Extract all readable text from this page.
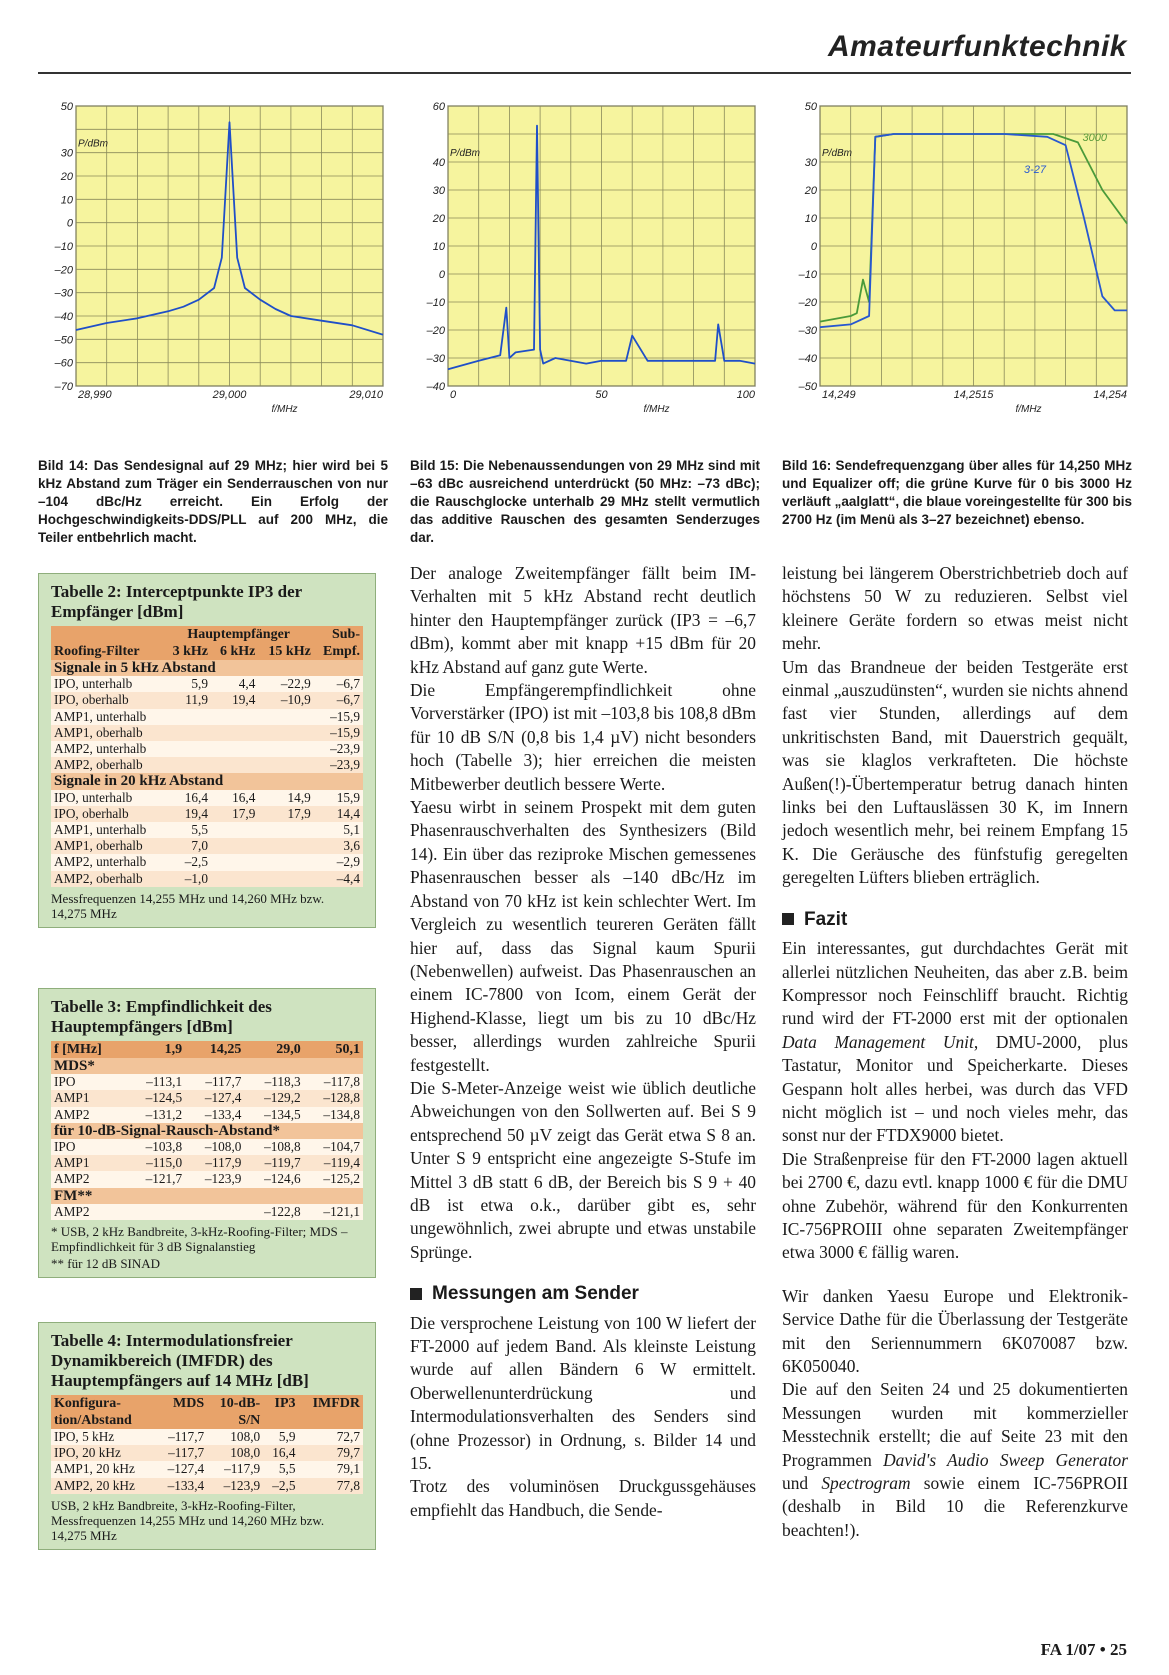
Amateurfunktechnik
50
30
20
10
0
–10
–20
–30
–40
–50
–60
–70
P/dBm
28,990	29,000	29,010
f/MHz
60
40
30
20
10
0
–10
–20
–30
–40
P/dBm
0	50	100
f/MHz
50
30
20
10
0
–10
–20
–30
–40
–50
P/dBm
14,249	14,2515	14,254
f/MHz
3000
3-27
Bild 14: Das Sendesignal auf 29 MHz; hier wird bei 5 kHz Abstand zum Träger ein Senderrauschen von nur –104 dBc/Hz erreicht. Ein Erfolg der Hochgeschwindigkeits-DDS/PLL auf 200 MHz, die Teiler entbehrlich macht.
Bild 15: Die Nebenaussendungen von 29 MHz sind mit –63 dBc ausreichend unterdrückt (50 MHz: –73 dBc); die Rauschglocke unterhalb 29 MHz stellt vermutlich das additive Rauschen des gesamten Senderzuges dar.
Bild 16: Sendefrequenzgang über alles für 14,250 MHz und Equalizer off; die grüne Kurve für 0 bis 3000 Hz verläuft „aalglatt“, die blaue voreingestellte für 300 bis 2700 Hz (im Menü als 3–27 bezeichnet) ebenso.
Tabelle 2: Interceptpunkte IP3 der Empfänger [dBm]
	Hauptempfänger			Sub-
Roofing-Filter	3 kHz	6 kHz	15 kHz	Empf.
Signale in 5 kHz Abstand				
IPO, unterhalb	5,9	4,4	–22,9	–6,7
IPO, oberhalb	11,9	19,4	–10,9	–6,7
AMP1, unterhalb				–15,9
AMP1, oberhalb				–15,9
AMP2, unterhalb				–23,9
AMP2, oberhalb				–23,9
Signale in 20 kHz Abstand				
IPO, unterhalb	16,4	16,4	14,9	15,9
IPO, oberhalb	19,4	17,9	17,9	14,4
AMP1, unterhalb	5,5			5,1
AMP1, oberhalb	7,0			3,6
AMP2, unterhalb	–2,5			–2,9
AMP2, oberhalb	–1,0			–4,4
Messfrequenzen 14,255 MHz und 14,260 MHz bzw. 14,275 MHz
Tabelle 3: Empfindlichkeit des Hauptempfängers [dBm]
f [MHz]	1,9	14,25	29,0	50,1
MDS*				
IPO	–113,1	–117,7	–118,3	–117,8
AMP1	–124,5	–127,4	–129,2	–128,8
AMP2	–131,2	–133,4	–134,5	–134,8
für 10-dB-Signal-Rausch-Abstand*				
IPO	–103,8	–108,0	–108,8	–104,7
AMP1	–115,0	–117,9	–119,7	–119,4
AMP2	–121,7	–123,9	–124,6	–125,2
FM**				
AMP2			–122,8	–121,1
* USB, 2 kHz Bandbreite, 3-kHz-Roofing-Filter; MDS – Empfindlichkeit für 3 dB Signalanstieg
** für 12 dB SINAD
Tabelle 4: Intermodulationsfreier Dynamikbereich (IMFDR) des Hauptempfängers auf 14 MHz [dB]
Konfigura-	MDS	10-dB-	IP3	IMFDR
tion/Abstand		S/N		
IPO, 5 kHz	–117,7	108,0	5,9	72,7
IPO, 20 kHz	–117,7	108,0	16,4	79,7
AMP1, 20 kHz	–127,4	–117,9	5,5	79,1
AMP2, 20 kHz	–133,4	–123,9	–2,5	77,8
USB, 2 kHz Bandbreite, 3-kHz-Roofing-Filter, Messfrequenzen 14,255 MHz und 14,260 MHz bzw. 14,275 MHz

Der analoge Zweitempfänger fällt beim IM-Verhalten mit 5 kHz Abstand recht deutlich hinter den Hauptempfänger zurück (IP3 = –6,7 dBm), kommt aber mit knapp +15 dBm für 20 kHz Abstand auf ganz gute Werte.

Die Empfängerempfindlichkeit ohne Vorverstärker (IPO) ist mit –103,8 bis 108,8 dBm für 10 dB S/N (0,8 bis 1,4 µV) nicht besonders hoch (Tabelle 3); hier erreichen die meisten Mitbewerber deutlich bessere Werte.

Yaesu wirbt in seinem Prospekt mit dem guten Phasenrauschverhalten des Synthesizers (Bild 14). Ein über das reziproke Mischen gemessenes Phasenrauschen besser als –140 dBc/Hz im Abstand von 70 kHz ist kein schlechter Wert. Im Vergleich zu wesentlich teureren Geräten fällt hier auf, dass das Signal kaum Spurii (Nebenwellen) aufweist. Das Phasenrauschen an einem IC-7800 von Icom, einem Gerät der Highend-Klasse, liegt um bis zu 10 dBc/Hz besser, allerdings wurden zahlreiche Spurii festgestellt.

Die S-Meter-Anzeige weist wie üblich deutliche Abweichungen von den Sollwerten auf. Bei S 9 entsprechend 50 µV zeigt das Gerät etwa S 8 an. Unter S 9 entspricht eine angezeigte S-Stufe im Mittel 3 dB statt 6 dB, der Bereich bis S 9 + 40 dB ist etwa o.k., darüber gibt es, sehr ungewöhnlich, zwei abrupte und etwas unstabile Sprünge.

Messungen am Sender

Die versprochene Leistung von 100 W liefert der FT-2000 auf jedem Band. Als kleinste Leistung wurde auf allen Bändern 6 W ermittelt. Oberwellenunterdrückung und Intermodulationsverhalten des Senders sind (ohne Prozessor) in Ordnung, s. Bilder 14 und 15.

Trotz des voluminösen Druckgussgehäuses empfiehlt das Handbuch, die Sende-

leistung bei längerem Oberstrichbetrieb doch auf höchstens 50 W zu reduzieren. Selbst viel kleinere Geräte fordern so etwas meist nicht mehr.

Um das Brandneue der beiden Testgeräte erst einmal „auszudünsten“, wurden sie nichts ahnend fast vier Stunden, allerdings auf dem unkritischsten Band, mit Dauerstrich gequält, was sie klaglos verkrafteten. Die höchste Außen(!)-Übertemperatur betrug danach hinten links bei den Luftauslässen 30 K, im Innern jedoch wesentlich mehr, bei reinem Empfang 15 K. Die Geräusche des fünfstufig geregelten geregelten Lüfters blieben erträglich.

Fazit

Ein interessantes, gut durchdachtes Gerät mit allerlei nützlichen Neuheiten, das aber z.B. beim Kompressor noch Feinschliff braucht. Richtig rund wird der FT-2000 erst mit der optionalen Data Management Unit, DMU-2000, plus Tastatur, Monitor und Speicherkarte. Dieses Gespann holt alles herbei, was durch das VFD nicht möglich ist – und noch vieles mehr, das sonst nur der FTDX9000 bietet.

Die Straßenpreise für den FT-2000 lagen aktuell bei 2700 €, dazu evtl. knapp 1000 € für die DMU ohne Zubehör, während für den Konkurrenten IC-756PROIII ohne separaten Zweitempfänger etwa 3000 € fällig waren.

Wir danken Yaesu Europe und Elektronik-Service Dathe für die Überlassung der Testgeräte mit den Seriennummern 6K070087 bzw. 6K050040.

Die auf den Seiten 24 und 25 dokumentierten Messungen wurden mit kommerzieller Messtechnik erstellt; die auf Seite 23 mit den Programmen David's Audio Sweep Generator und Spectrogram sowie einem IC-756PROII (deshalb in Bild 10 die Referenzkurve beachten!).

FA 1/07 • 25
